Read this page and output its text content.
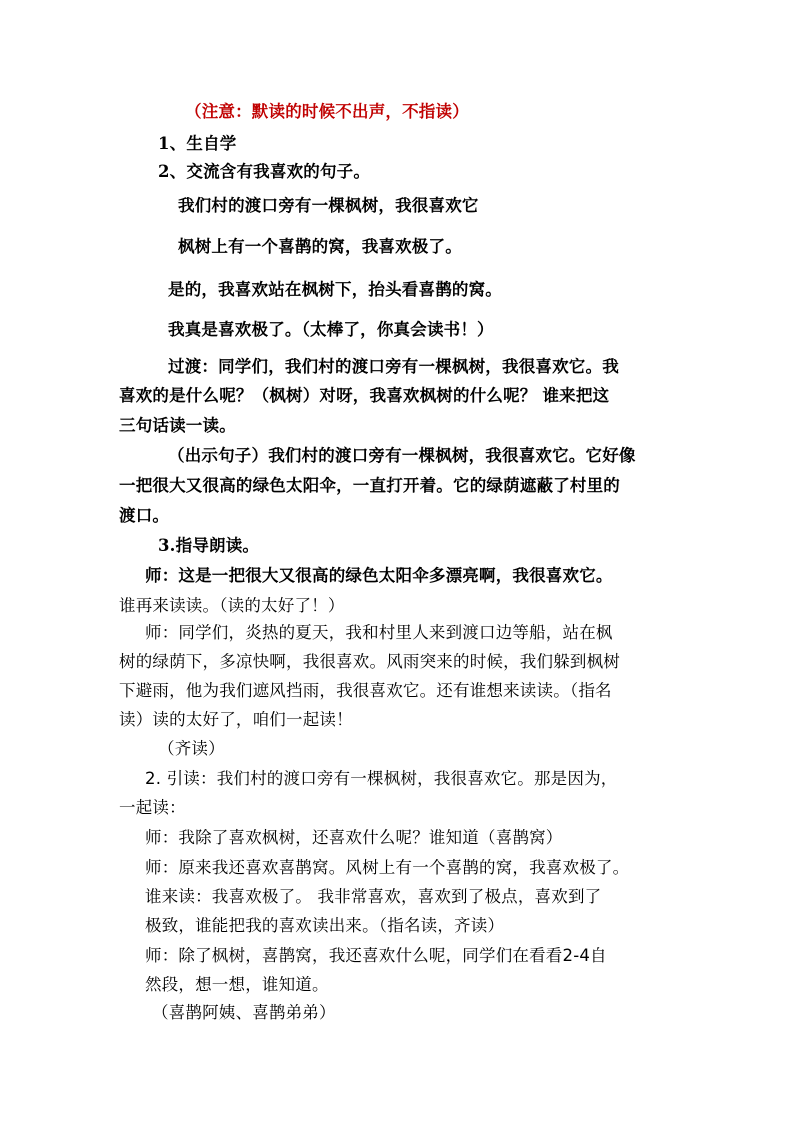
（注意：默读的时候不出声，不指读）
1、生自学
2、交流含有我喜欢的句子。
我们村的渡口旁有一棵枫树，我很喜欢它
枫树上有一个喜鹊的窝，我喜欢极了。
是的，我喜欢站在枫树下，抬头看喜鹊的窝。
我真是喜欢极了。（太棒了，你真会读书！）
过渡：同学们，我们村的渡口旁有一棵枫树，我很喜欢它。我
喜欢的是什么呢？（枫树）对呀，我喜欢枫树的什么呢？ 谁来把这
三句话读一读。
（出示句子）我们村的渡口旁有一棵枫树，我很喜欢它。它好像
一把很大又很高的绿色太阳伞，一直打开着。它的绿荫遮蔽了村里的
渡口。
3.指导朗读。
师：这是一把很大又很高的绿色太阳伞多漂亮啊，我很喜欢它。
谁再来读读。（读的太好了！）
师：同学们，炎热的夏天，我和村里人来到渡口边等船，站在枫
树的绿荫下，多凉快啊，我很喜欢。风雨突来的时候，我们躲到枫树
下避雨，他为我们遮风挡雨，我很喜欢它。还有谁想来读读。（指名
读）读的太好了，咱们一起读！
（齐读）
2. 引读：我们村的渡口旁有一棵枫树，我很喜欢它。那是因为，
一起读：
师：我除了喜欢枫树，还喜欢什么呢？谁知道（喜鹊窝）
师：原来我还喜欢喜鹊窝。风树上有一个喜鹊的窝，我喜欢极了。
谁来读：我喜欢极了。 我非常喜欢，喜欢到了极点，喜欢到了
极致，谁能把我的喜欢读出来。（指名读，齐读）
师：除了枫树，喜鹊窝，我还喜欢什么呢，同学们在看看2-4自
然段，想一想，谁知道。
（喜鹊阿姨、喜鹊弟弟）
